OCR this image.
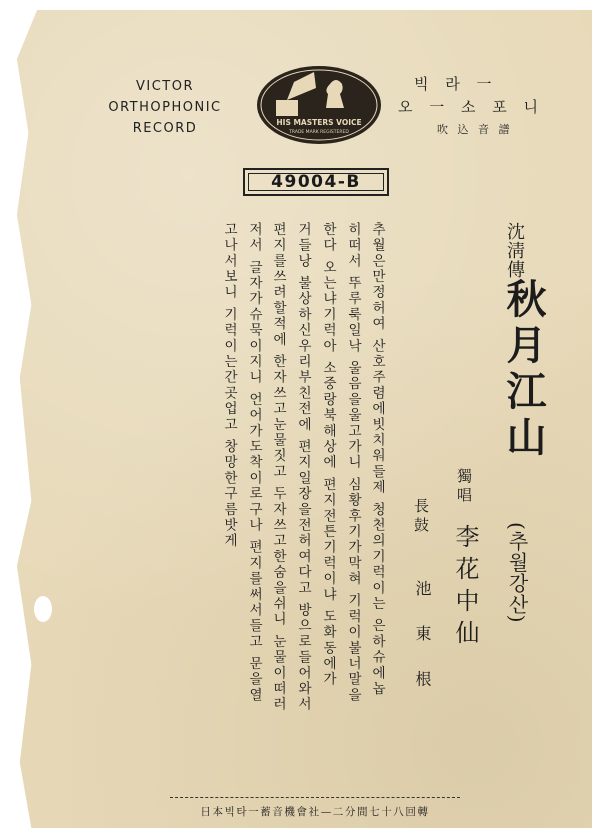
VICTOR
ORTHOPHONIC
RECORD	HIS MASTERS VOICE
TRADE MARK REGISTERED
빅 라 一
오 一 소 포 니
吹 込 音 譜
49004-B
沈淸傳
秋月江山
(추월강산)
獨唱
李花中仙
長鼓
池 東 根
추월은만정허여 산호주렴에빗치워들제 청천의기럭이는 은하슈에놉
히떠서 뚜루룩일낙 울음을울고가니 심황후기가막혀 기럭이불너말을
한다 오는냐기럭아 소중랑북해상에 편지전튼기럭이냐 도화동에가
거들낭 불상하신우리부친전에 편지일장을전허여다고 방으로들어와서
편지를쓰려할적에 한자쓰고눈물짓고 두자쓰고한숨을쉬니 눈물이떠러
저서 글자가슈묵이지니 언어가도착이로구나 편지를써서들고 문을열
고나서보니 기럭이는간곳업고 창망한구름밧게
日本빅타一蓄音機會社—二分間七十八回轉
